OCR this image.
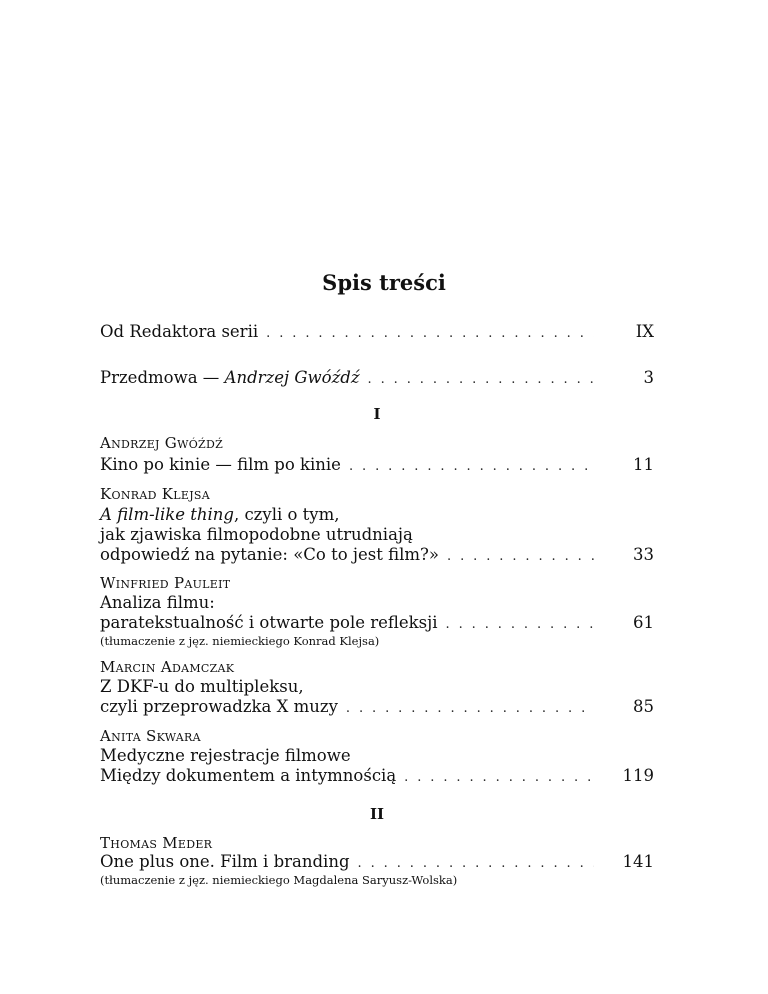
Spis treści
Od Redaktora serii . . .	IX
Przedmowa — Andrzej Gwóźdź . . .	3
I
Andrzej Gwóźdź
Kino po kinie — film po kinie . . .	11
Konrad Klejsa
A film-like thing, czyli o tym,
jak zjawiska filmopodobne utrudniają
odpowiedź na pytanie: «Co to jest film?» . . .	33
Winfried Pauleit
Analiza filmu:
paratekstualność i otwarte pole refleksji . . .	61
(tłumaczenie z jęz. niemieckiego Konrad Klejsa)
Marcin Adamczak
Z DKF-u do multipleksu,
czyli przeprowadzka X muzy . . .	85
Anita Skwara
Medyczne rejestracje filmowe
Między dokumentem a intymnością . . .	119
II
Thomas Meder
One plus one. Film i branding . . .	141
(tłumaczenie z jęz. niemieckiego Magdalena Saryusz-Wolska)
